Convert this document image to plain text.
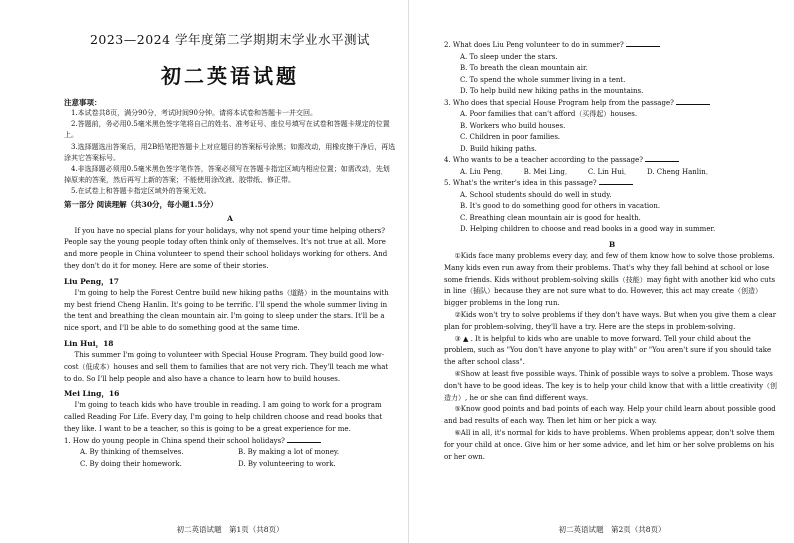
2023—2024 学年度第二学期期末学业水平测试
初二英语试题
注意事项：
1.本试卷共8页，满分90分，考试时间90分钟。请将本试卷和答题卡一并交回。
2.答题前，务必用0.5毫米黑色签字笔将自己的姓名、准考证号、座位号填写在试卷和答题卡规定的位置上。
3.选择题选出答案后，用2B铅笔把答题卡上对应题目的答案标号涂黑；如需改动，用橡皮擦干净后，再选涂其它答案标号。
4.非选择题必须用0.5毫米黑色签字笔作答，答案必须写在答题卡指定区域内相应位置；如需改动，先划掉原来的答案，然后再写上新的答案；不能使用涂改液、胶带纸、修正带。
5.在试卷上和答题卡指定区域外的答案无效。
第一部分 阅读理解（共30分，每小题1.5分）
A
If you have no special plans for your holidays, why not spend your time helping others? People say the young people today often think only of themselves. It's not true at all. More and more people in China volunteer to spend their school holidays working for others. And they don't do it for money. Here are some of their stories.
Liu Peng，17
I'm going to help the Forest Centre build new hiking paths（道路）in the mountains with my best friend Cheng Hanlin. It's going to be terrific. I'll spend the whole summer living in the tent and breathing the clean mountain air. I'm going to sleep under the stars. It'll be a nice sport, and I'll be able to do something good at the same time.
Lin Hui，18
This summer I'm going to volunteer with Special House Program. They build good low-cost（低成本）houses and sell them to families that are not very rich. They'll teach me what to do. So I'll help people and also have a chance to learn how to build houses.
Mei Ling，16
I'm going to teach kids who have trouble in reading. I am going to work for a program called Reading For Life. Every day, I'm going to help children choose and read books that they like. I want to be a teacher, so this is going to be a great experience for me.
1. How do young people in China spend their school holidays?
A. By thinking of themselves.	B. By making a lot of money.
C. By doing their homework.	D. By volunteering to work.
初二英语试题　第1页（共8页）
2. What does Liu Peng volunteer to do in summer?
A. To sleep under the stars.
B. To breath the clean mountain air.
C. To spend the whole summer living in a tent.
D. To help build new hiking paths in the mountains.
3. Who does that special House Program help from the passage?
A. Poor families that can't afford（买得起）houses.
B. Workers who build houses.
C. Children in poor families.
D. Build hiking paths.
4. Who wants to be a teacher according to the passage?
A. Liu Peng． B. Mei Ling． C. Lin Hui． D. Cheng Hanlin．
5. What's the writer's idea in this passage?
A. School students should do well in study.
B. It's good to do something good for others in vacation.
C. Breathing clean mountain air is good for health.
D. Helping children to choose and read books in a good way in summer.
B
①Kids face many problems every day, and few of them know how to solve those problems. Many kids even run away from their problems. That's why they fall behind at school or lose some friends. Kids without problem-solving skills（技能）may fight with another kid who cuts in line（插队）because they are not sure what to do. However, this act may create（创造）bigger problems in the long run.
②Kids won't try to solve problems if they don't have ways. But when you give them a clear plan for problem-solving, they'll have a try. Here are the steps in problem-solving.
③ ▲ . It is helpful to kids who are unable to move forward. Tell your child about the problem, such as "You don't have anyone to play with" or "You aren't sure if you should take the after school class".
④Show at least five possible ways. Think of possible ways to solve a problem. Those ways don't have to be good ideas. The key is to help your child know that with a little creativity（创造力）, he or she can find different ways.
⑤Know good points and bad points of each way. Help your child learn about possible good and bad results of each way. Then let him or her pick a way.
⑥All in all, it's normal for kids to have problems. When problems appear, don't solve them for your child at once. Give him or her some advice, and let him or her solve problems on his or her own.
初二英语试题　第2页（共8页）
